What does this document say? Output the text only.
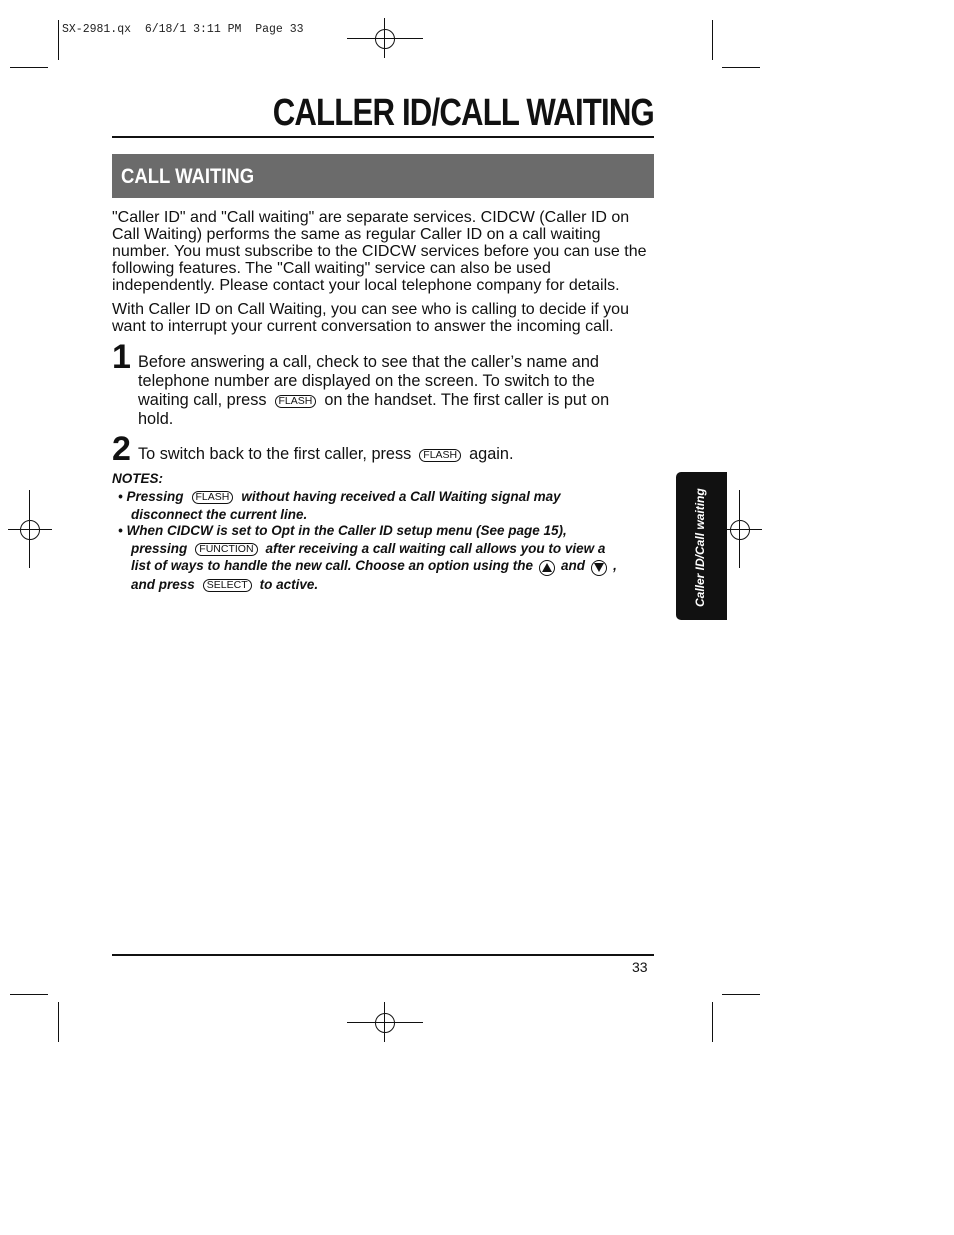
SX-2981.qx  6/18/1 3:11 PM  Page 33
CALLER ID/CALL WAITING
CALL WAITING
"Caller ID" and "Call waiting" are separate services. CIDCW (Caller ID on Call Waiting) performs the same as regular Caller ID on a call waiting number. You must subscribe to the CIDCW services before you can use the following features. The "Call waiting" service can also be used independently. Please contact your local telephone company for details.
With Caller ID on Call Waiting, you can see who is calling to decide if you want to interrupt your current conversation to answer the incoming call.
1 Before answering a call, check to see that the caller’s name and telephone number are displayed on the screen. To switch to the waiting call, press FLASH on the handset. The first caller is put on hold.
2 To switch back to the first caller, press FLASH again.
NOTES:
• Pressing FLASH without having received a Call Waiting signal may
disconnect the current line.
• When CIDCW is set to Opt in the Caller ID setup menu (See page 15),
pressing FUNCTION after receiving a call waiting call allows you to view a
list of ways to handle the new call. Choose an option using the and ,
and press SELECT to active.	Caller ID/Call waiting
33
